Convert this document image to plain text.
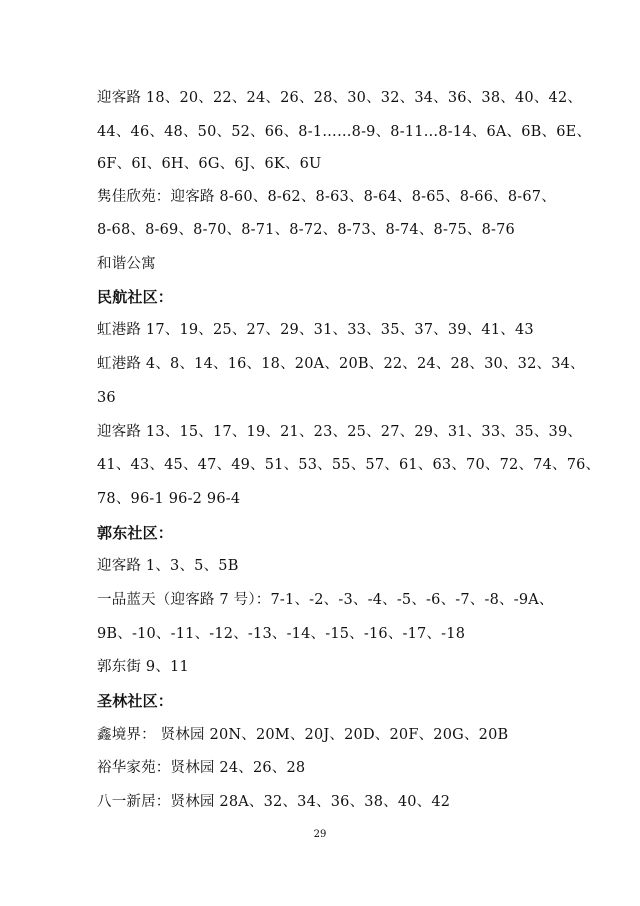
迎客路 18、20、22、24、26、28、30、32、34、36、38、40、42、
44、46、48、50、52、66、8-1……8-9、8-11…8-14、6A、6B、6E、
6F、6I、6H、6G、6J、6K、6U
隽佳欣苑：迎客路 8-60、8-62、8-63、8-64、8-65、8-66、8-67、
8-68、8-69、8-70、8-71、8-72、8-73、8-74、8-75、8-76
和谐公寓
民航社区：
虹港路 17、19、25、27、29、31、33、35、37、39、41、43
虹港路 4、8、14、16、18、20A、20B、22、24、28、30、32、34、
36
迎客路 13、15、17、19、21、23、25、27、29、31、33、35、39、
41、43、45、47、49、51、53、55、57、61、63、70、72、74、76、
78、96-1 96-2 96-4
郭东社区：
迎客路 1、3、5、5B
一品蓝天（迎客路 7 号）：7-1、-2、-3、-4、-5、-6、-7、-8、-9A、
9B、-10、-11、-12、-13、-14、-15、-16、-17、-18
郭东街 9、11
圣林社区：
鑫境界： 贤林园 20N、20M、20J、20D、20F、20G、20B
裕华家苑：贤林园 24、26、28
八一新居：贤林园 28A、32、34、36、38、40、42
29
